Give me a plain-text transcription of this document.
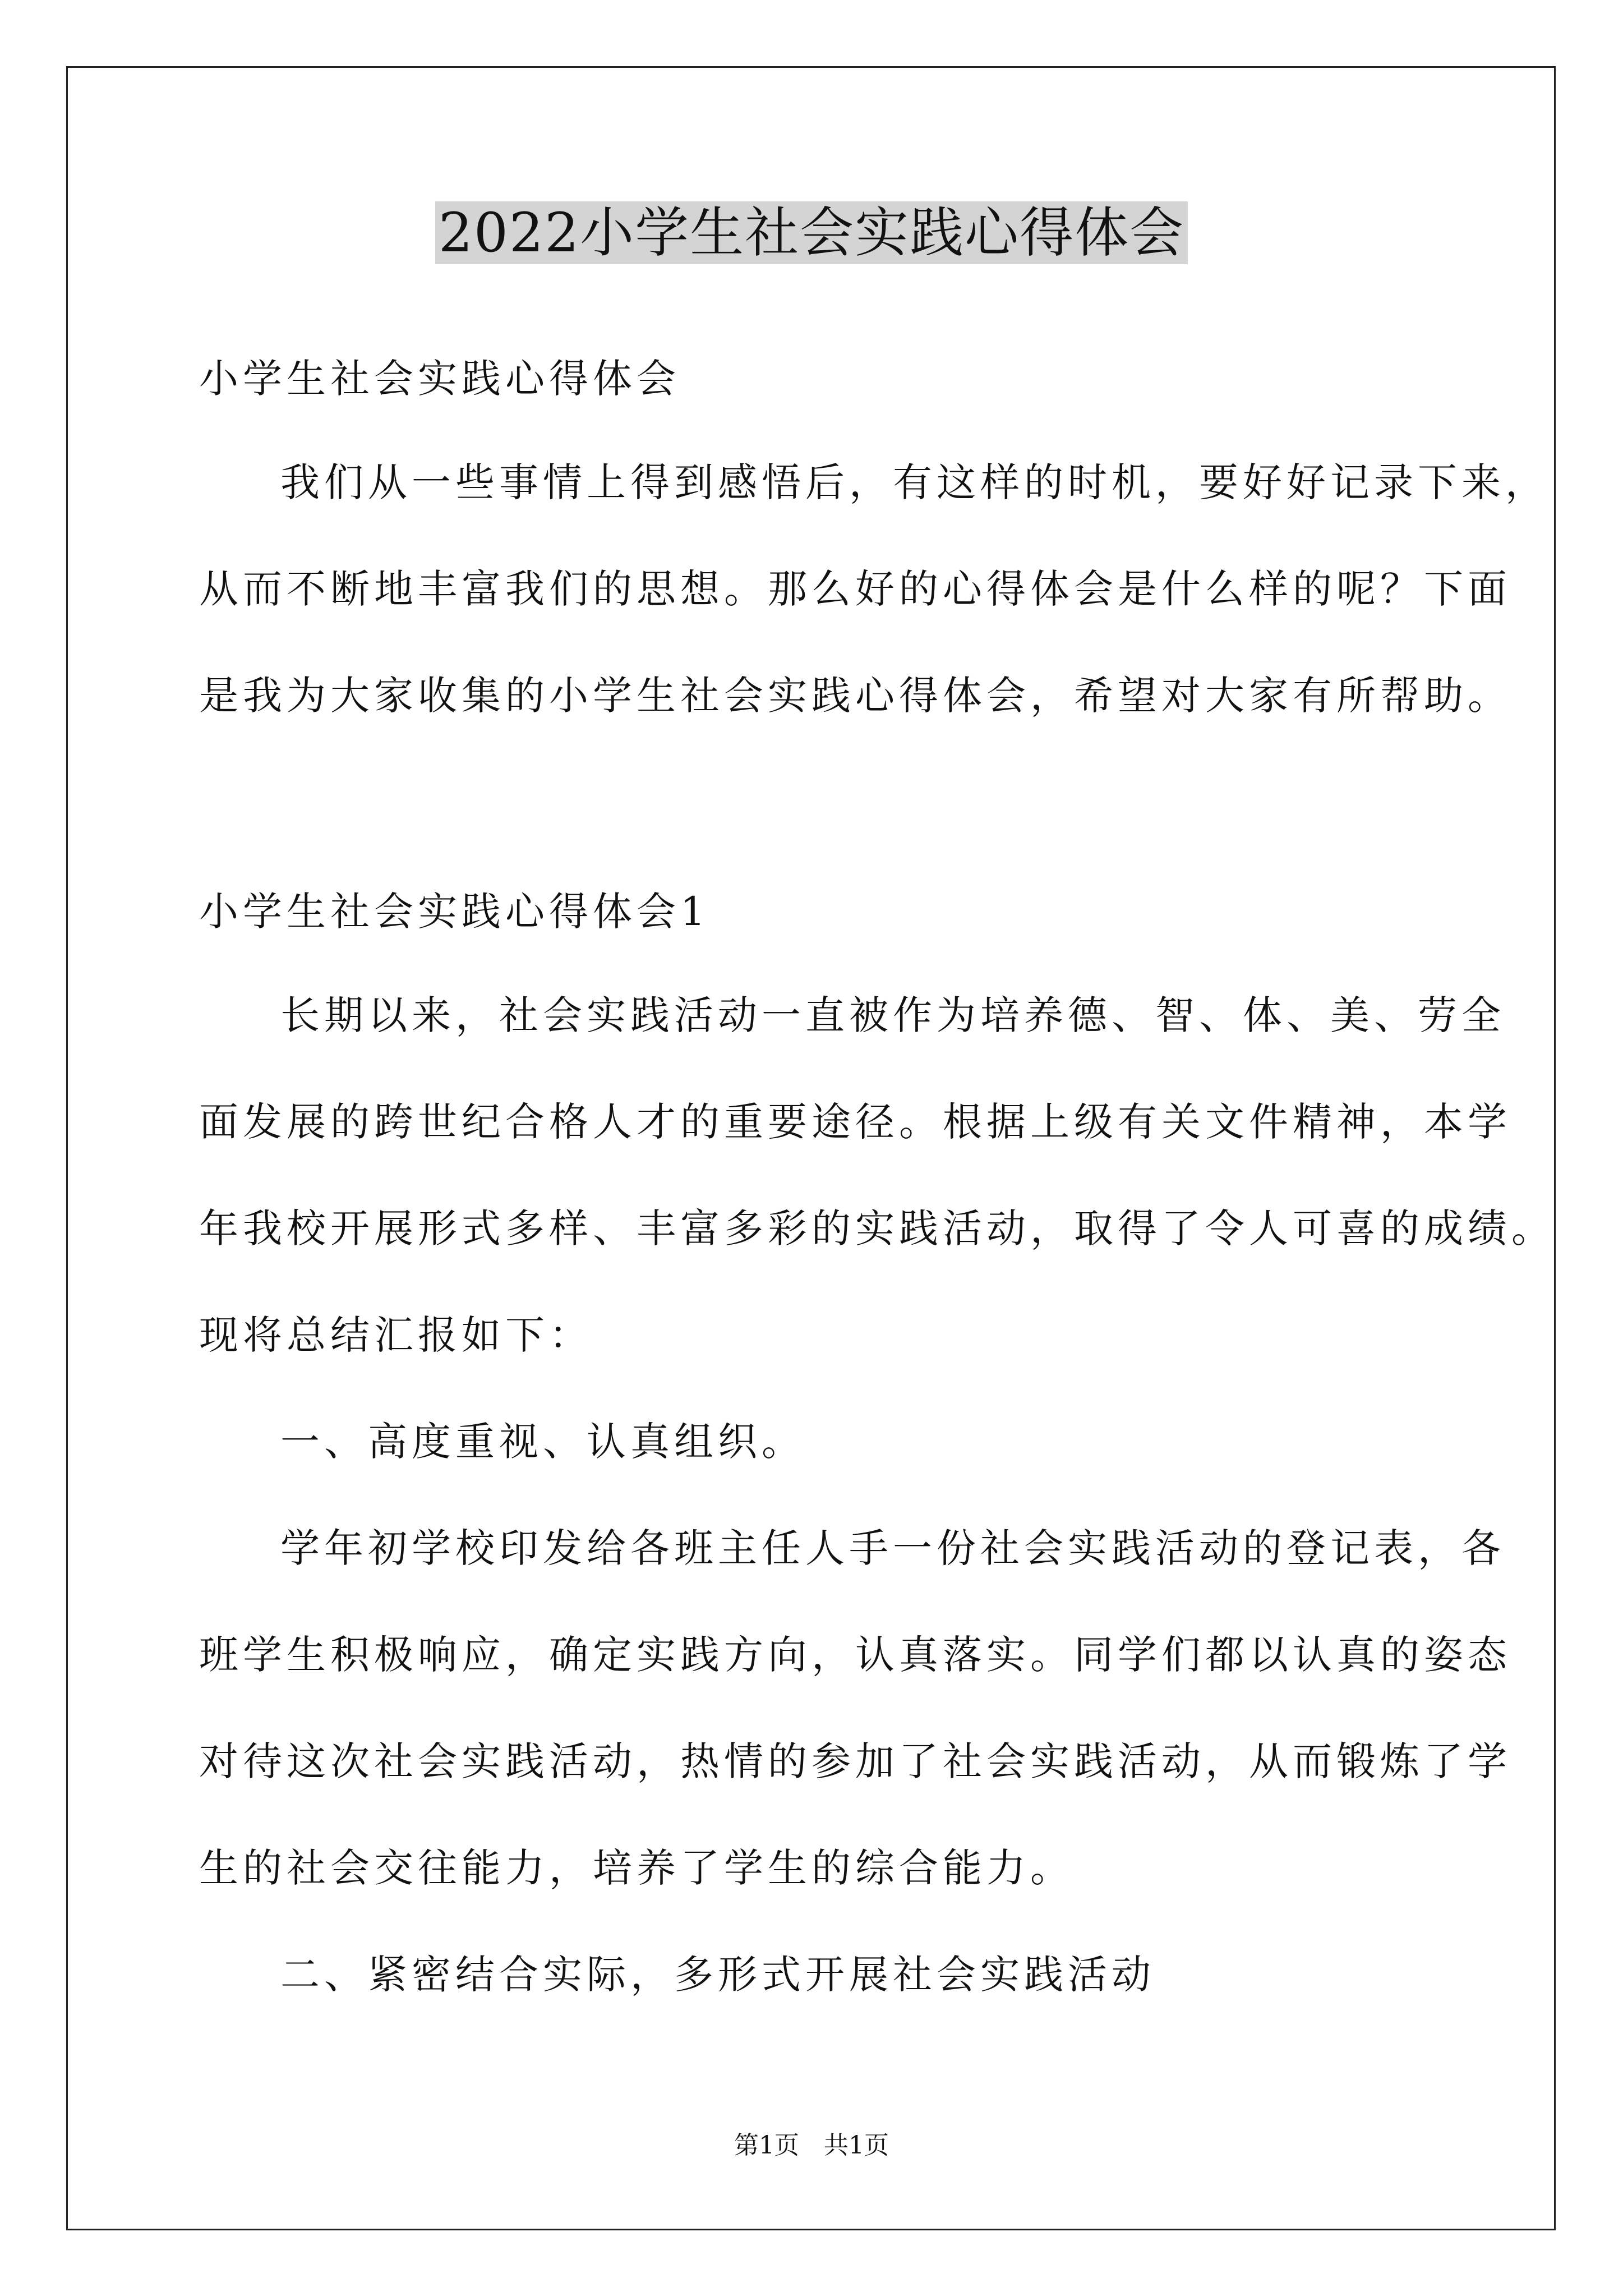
2022小学生社会实践心得体会
小学生社会实践心得体会
我们从一些事情上得到感悟后，有这样的时机，要好好记录下来，
从而不断地丰富我们的思想。那么好的心得体会是什么样的呢？下面
是我为大家收集的小学生社会实践心得体会，希望对大家有所帮助。
小学生社会实践心得体会1
长期以来，社会实践活动一直被作为培养德、智、体、美、劳全
面发展的跨世纪合格人才的重要途径。根据上级有关文件精神，本学
年我校开展形式多样、丰富多彩的实践活动，取得了令人可喜的成绩。
现将总结汇报如下：
一、高度重视、认真组织。
学年初学校印发给各班主任人手一份社会实践活动的登记表，各
班学生积极响应，确定实践方向，认真落实。同学们都以认真的姿态
对待这次社会实践活动，热情的参加了社会实践活动，从而锻炼了学
生的社会交往能力，培养了学生的综合能力。
二、紧密结合实际，多形式开展社会实践活动
第1页　共1页
